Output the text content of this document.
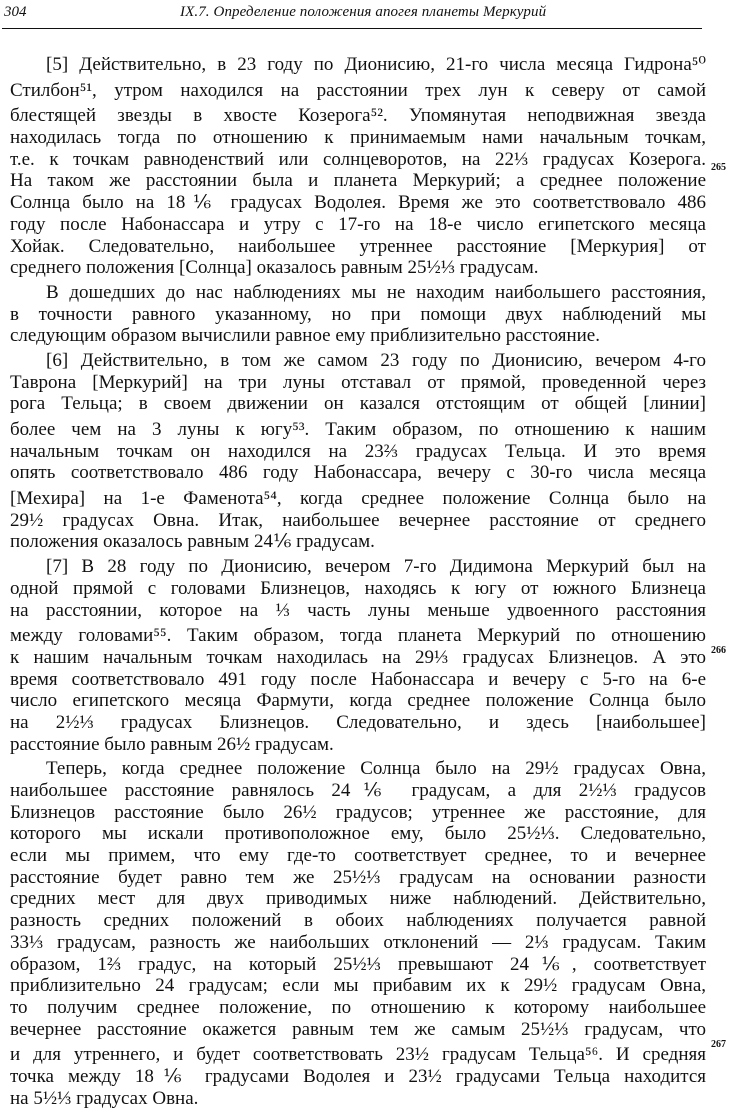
304	IX.7. Определение положения апогея планеты Меркурий
[5] Действительно, в 23 году по Дионисию, 21-го числа месяца Гидрона⁵⁰
Стилбон⁵¹, утром находился на расстоянии трех лун к северу от самой
блестящей звезды в хвосте Козерога⁵². Упомянутая неподвижная звезда
находилась тогда по отношению к принимаемым нами начальным точкам,
т.е. к точкам равноденствий или солнцеворотов, на 22⅓ градусах Козерога.
На таком же расстоянии была и планета Меркурий; а среднее положение
Солнца было на 18⅙ градусах Водолея. Время же это соответствовало 486
году после Набонассара и утру с 17-го на 18-е число египетского месяца
Хойак. Следовательно, наибольшее утреннее расстояние [Меркурия] от
среднего положения [Солнца] оказалось равным 25½⅓ градусам.
В дошедших до нас наблюдениях мы не находим наибольшего расстояния,
в точности равного указанному, но при помощи двух наблюдений мы
следующим образом вычислили равное ему приблизительно расстояние.
[6] Действительно, в том же самом 23 году по Дионисию, вечером 4-го
Таврона [Меркурий] на три луны отставал от прямой, проведенной через
рога Тельца; в своем движении он казался отстоящим от общей [линии]
более чем на 3 луны к югу⁵³. Таким образом, по отношению к нашим
начальным точкам он находился на 23⅔ градусах Тельца. И это время
опять соответствовало 486 году Набонассара, вечеру с 30-го числа месяца
[Мехира] на 1-е Фаменота⁵⁴, когда среднее положение Солнца было на
29½ градусах Овна. Итак, наибольшее вечернее расстояние от среднего
положения оказалось равным 24⅙ градусам.
[7] В 28 году по Дионисию, вечером 7-го Дидимона Меркурий был на
одной прямой с головами Близнецов, находясь к югу от южного Близнеца
на расстоянии, которое на ⅓ часть луны меньше удвоенного расстояния
между головами⁵⁵. Таким образом, тогда планета Меркурий по отношению
к нашим начальным точкам находилась на 29⅓ градусах Близнецов. А это
время соответствовало 491 году после Набонассара и вечеру с 5-го на 6-е
число египетского месяца Фармути, когда среднее положение Солнца было
на 2½⅓ градусах Близнецов. Следовательно, и здесь [наибольшее]
расстояние было равным 26½ градусам.
Теперь, когда среднее положение Солнца было на 29½ градусах Овна,
наибольшее расстояние равнялось 24⅙ градусам, а для 2½⅓ градусов
Близнецов расстояние было 26½ градусов; утреннее же расстояние, для
которого мы искали противоположное ему, было 25½⅓. Следовательно,
если мы примем, что ему где-то соответствует среднее, то и вечернее
расстояние будет равно тем же 25½⅓ градусам на основании разности
средних мест для двух приводимых ниже наблюдений. Действительно,
разность средних положений в обоих наблюдениях получается равной
33⅓ градусам, разность же наибольших отклонений — 2⅓ градусам. Таким
образом, 1⅔ градус, на который 25½⅓ превышают 24⅙, соответствует
приблизительно 24 градусам; если мы прибавим их к 29½ градусам Овна,
то получим среднее положение, по отношению к которому наибольшее
вечернее расстояние окажется равным тем же самым 25½⅓ градусам, что
и для утреннего, и будет соответствовать 23½ градусам Тельца⁵⁶. И средняя
точка между 18⅙ градусами Водолея и 23½ градусами Тельца находится
на 5½⅓ градусах Овна.
265
266
267
